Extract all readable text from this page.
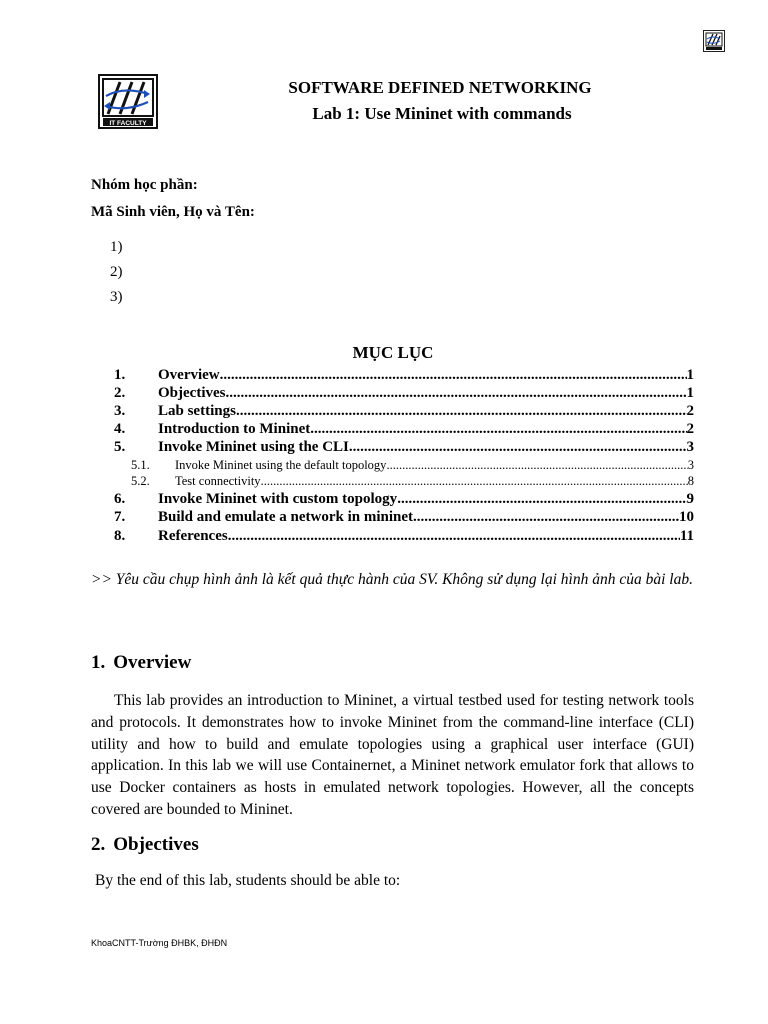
IT FACULTY
SOFTWARE DEFINED NETWORKING
Lab 1: Use Mininet with commands
Nhóm học phần:
Mã Sinh viên, Họ và Tên:
1)
2)
3)
MỤC LỤC
1.	Overview .....	1
2.	Objectives .....	1
3.	Lab settings .....	2
4.	Introduction to Mininet .....	2
5.	Invoke Mininet using the CLI .....	3
5.1.	Invoke Mininet using the default topology .....	3
5.2.	Test connectivity .....	8
6.	Invoke Mininet with custom topology .....	9
7.	Build and emulate a network in mininet .....	10
8.	References .....	11
>> Yêu cầu chụp hình ảnh là kết quả thực hành của SV. Không sử dụng lại hình ảnh của bài lab.
1. Overview
This lab provides an introduction to Mininet, a virtual testbed used for testing network tools and protocols. It demonstrates how to invoke Mininet from the command-line interface (CLI) utility and how to build and emulate topologies using a graphical user interface (GUI) application. In this lab we will use Containernet, a Mininet network emulator fork that allows to use Docker containers as hosts in emulated network topologies. However, all the concepts covered are bounded to Mininet.
2. Objectives
By the end of this lab, students should be able to:
KhoaCNTT-Trường ĐHBK, ĐHĐN
